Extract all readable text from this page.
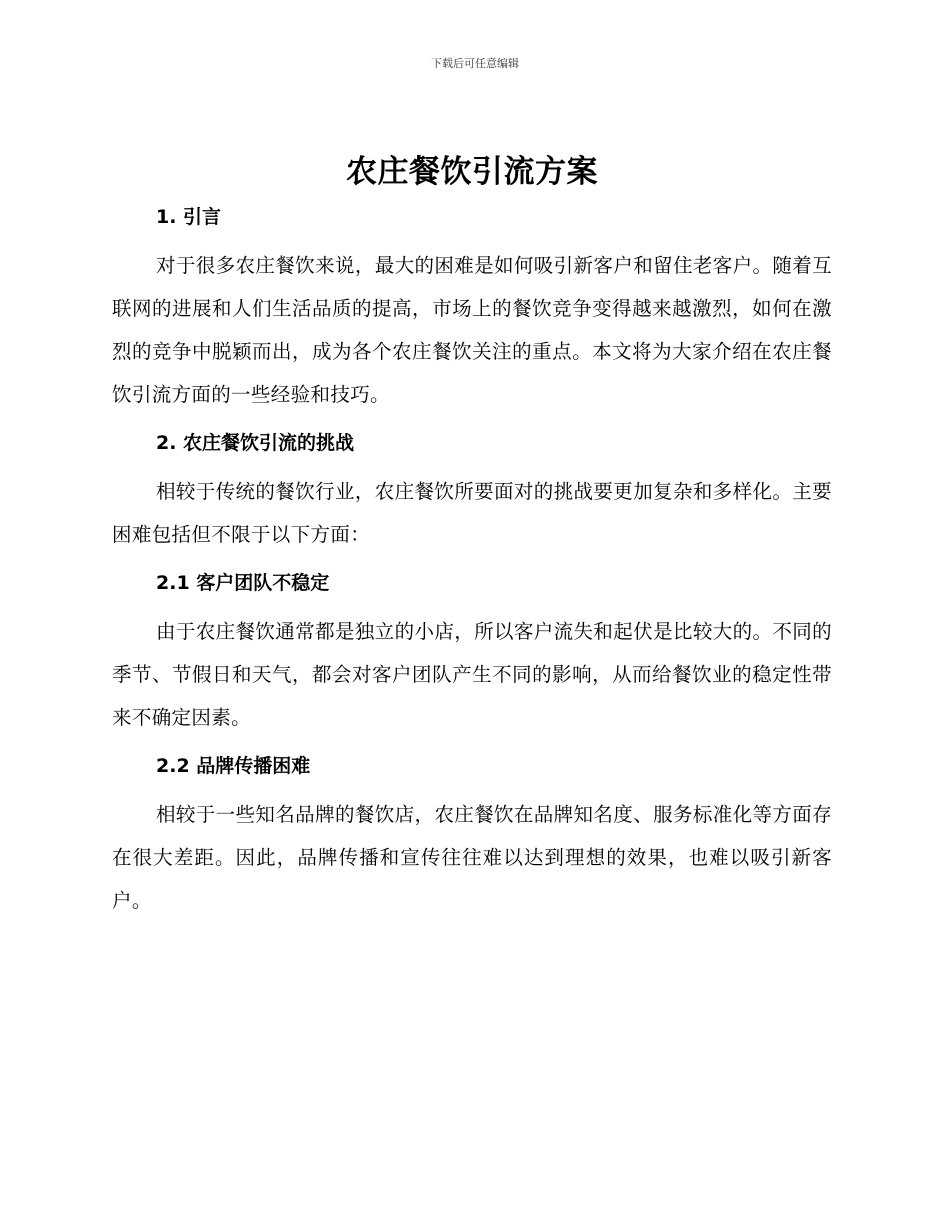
下载后可任意编辑
农庄餐饮引流方案
1. 引言

对于很多农庄餐饮来说，最大的困难是如何吸引新客户和留住老客户。随着互联网的进展和人们生活品质的提高，市场上的餐饮竞争变得越来越激烈，如何在激烈的竞争中脱颖而出，成为各个农庄餐饮关注的重点。本文将为大家介绍在农庄餐饮引流方面的一些经验和技巧。

2. 农庄餐饮引流的挑战

相较于传统的餐饮行业，农庄餐饮所要面对的挑战要更加复杂和多样化。主要困难包括但不限于以下方面：

2.1 客户团队不稳定

由于农庄餐饮通常都是独立的小店，所以客户流失和起伏是比较大的。不同的季节、节假日和天气，都会对客户团队产生不同的影响，从而给餐饮业的稳定性带来不确定因素。

2.2 品牌传播困难

相较于一些知名品牌的餐饮店，农庄餐饮在品牌知名度、服务标准化等方面存在很大差距。因此，品牌传播和宣传往往难以达到理想的效果，也难以吸引新客户。
